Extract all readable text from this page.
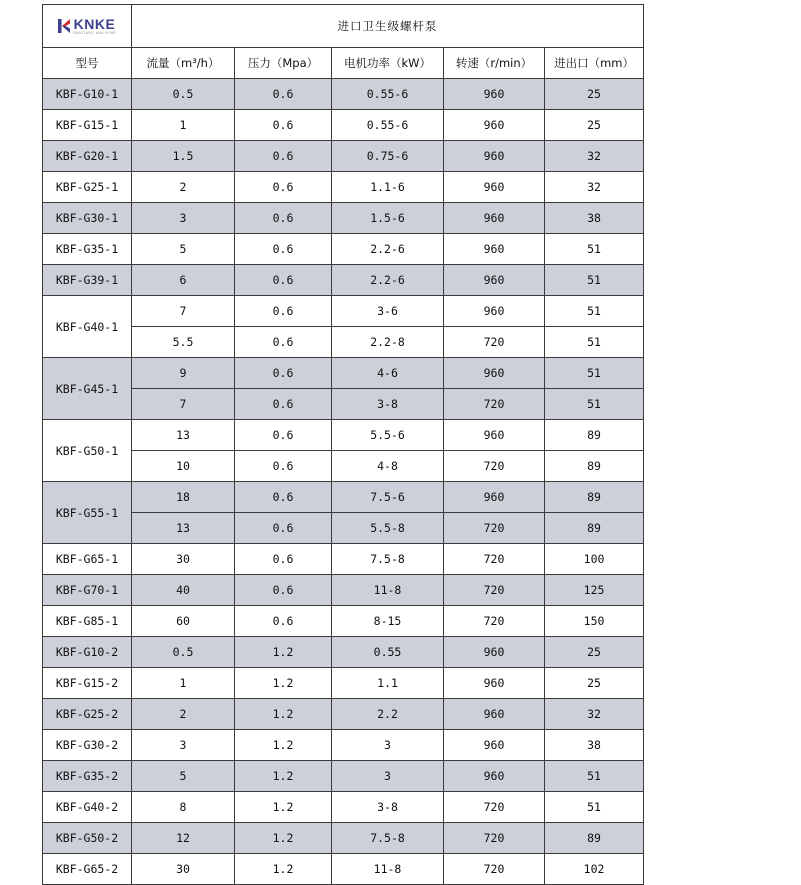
KNKE
SANITARY MACHINE	进口卫生级螺杆泵				
型号	流量（m³/h）	压力（Mpa）	电机功率（kW）	转速（r/min）	进出口（mm）
KBF-G10-1	0.5	0.6	0.55-6	960	25
KBF-G15-1	1	0.6	0.55-6	960	25
KBF-G20-1	1.5	0.6	0.75-6	960	32
KBF-G25-1	2	0.6	1.1-6	960	32
KBF-G30-1	3	0.6	1.5-6	960	38
KBF-G35-1	5	0.6	2.2-6	960	51
KBF-G39-1	6	0.6	2.2-6	960	51
KBF-G40-1	7	0.6	3-6	960	51
	5.5	0.6	2.2-8	720	51
KBF-G45-1	9	0.6	4-6	960	51
	7	0.6	3-8	720	51
KBF-G50-1	13	0.6	5.5-6	960	89
	10	0.6	4-8	720	89
KBF-G55-1	18	0.6	7.5-6	960	89
	13	0.6	5.5-8	720	89
KBF-G65-1	30	0.6	7.5-8	720	100
KBF-G70-1	40	0.6	11-8	720	125
KBF-G85-1	60	0.6	8-15	720	150
KBF-G10-2	0.5	1.2	0.55	960	25
KBF-G15-2	1	1.2	1.1	960	25
KBF-G25-2	2	1.2	2.2	960	32
KBF-G30-2	3	1.2	3	960	38
KBF-G35-2	5	1.2	3	960	51
KBF-G40-2	8	1.2	3-8	720	51
KBF-G50-2	12	1.2	7.5-8	720	89
KBF-G65-2	30	1.2	11-8	720	102
